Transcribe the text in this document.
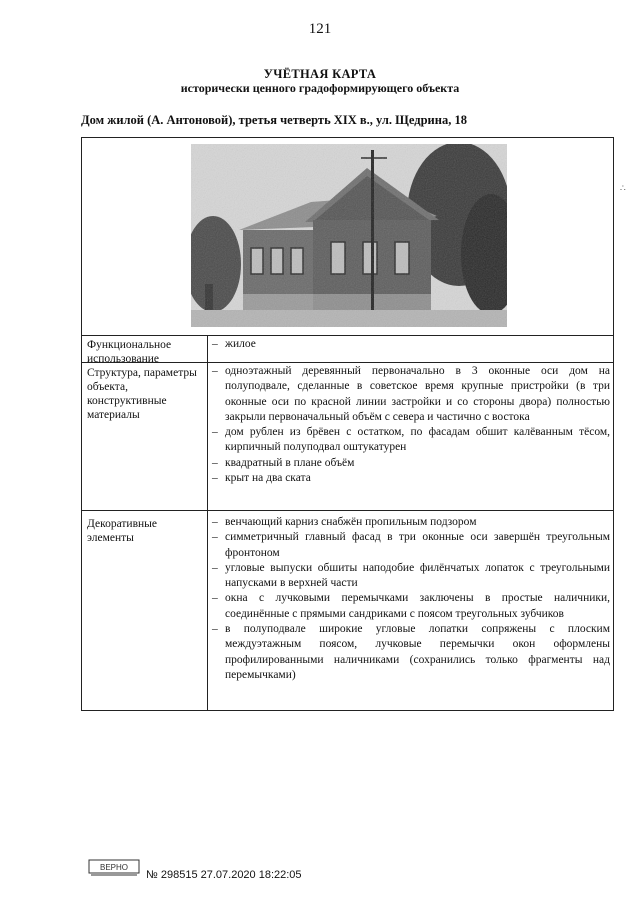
121
УЧЁТНАЯ КАРТА
исторически ценного градоформирующего объекта
Дом жилой (А. Антоновой), третья четверть XIX в., ул. Щедрина, 18
Функциональное использование
– жилое
Структура, параметры объекта, конструктивные материалы
– одноэтажный деревянный первоначально в 3 оконные оси дом на полуподвале, сделанные в советское время крупные пристройки (в три оконные оси по красной линии застройки и со стороны двора) полностью закрыли первоначальный объём с севера и частично с востока
– дом рублен из брёвен с остатком, по фасадам обшит калёванным тёсом, кирпичный полуподвал оштукатурен
– квадратный в плане объём
– крыт на два ската
Декоративные элементы
– венчающий карниз снабжён пропильным подзором
– симметричный главный фасад в три оконные оси завершён треугольным фронтоном
– угловые выпуски обшиты наподобие филёнчатых лопаток с треугольными напусками в верхней части
– окна с лучковыми перемычками заключены в простые наличники, соединённые с прямыми сандриками с поясом треугольных зубчиков
– в полуподвале широкие угловые лопатки сопряжены с плоским междуэтажным поясом, лучковые перемычки окон оформлены профилированными наличниками (сохранились только фрагменты над перемычками)
ВЕРНО
№ 298515 27.07.2020 18:22:05
∴
